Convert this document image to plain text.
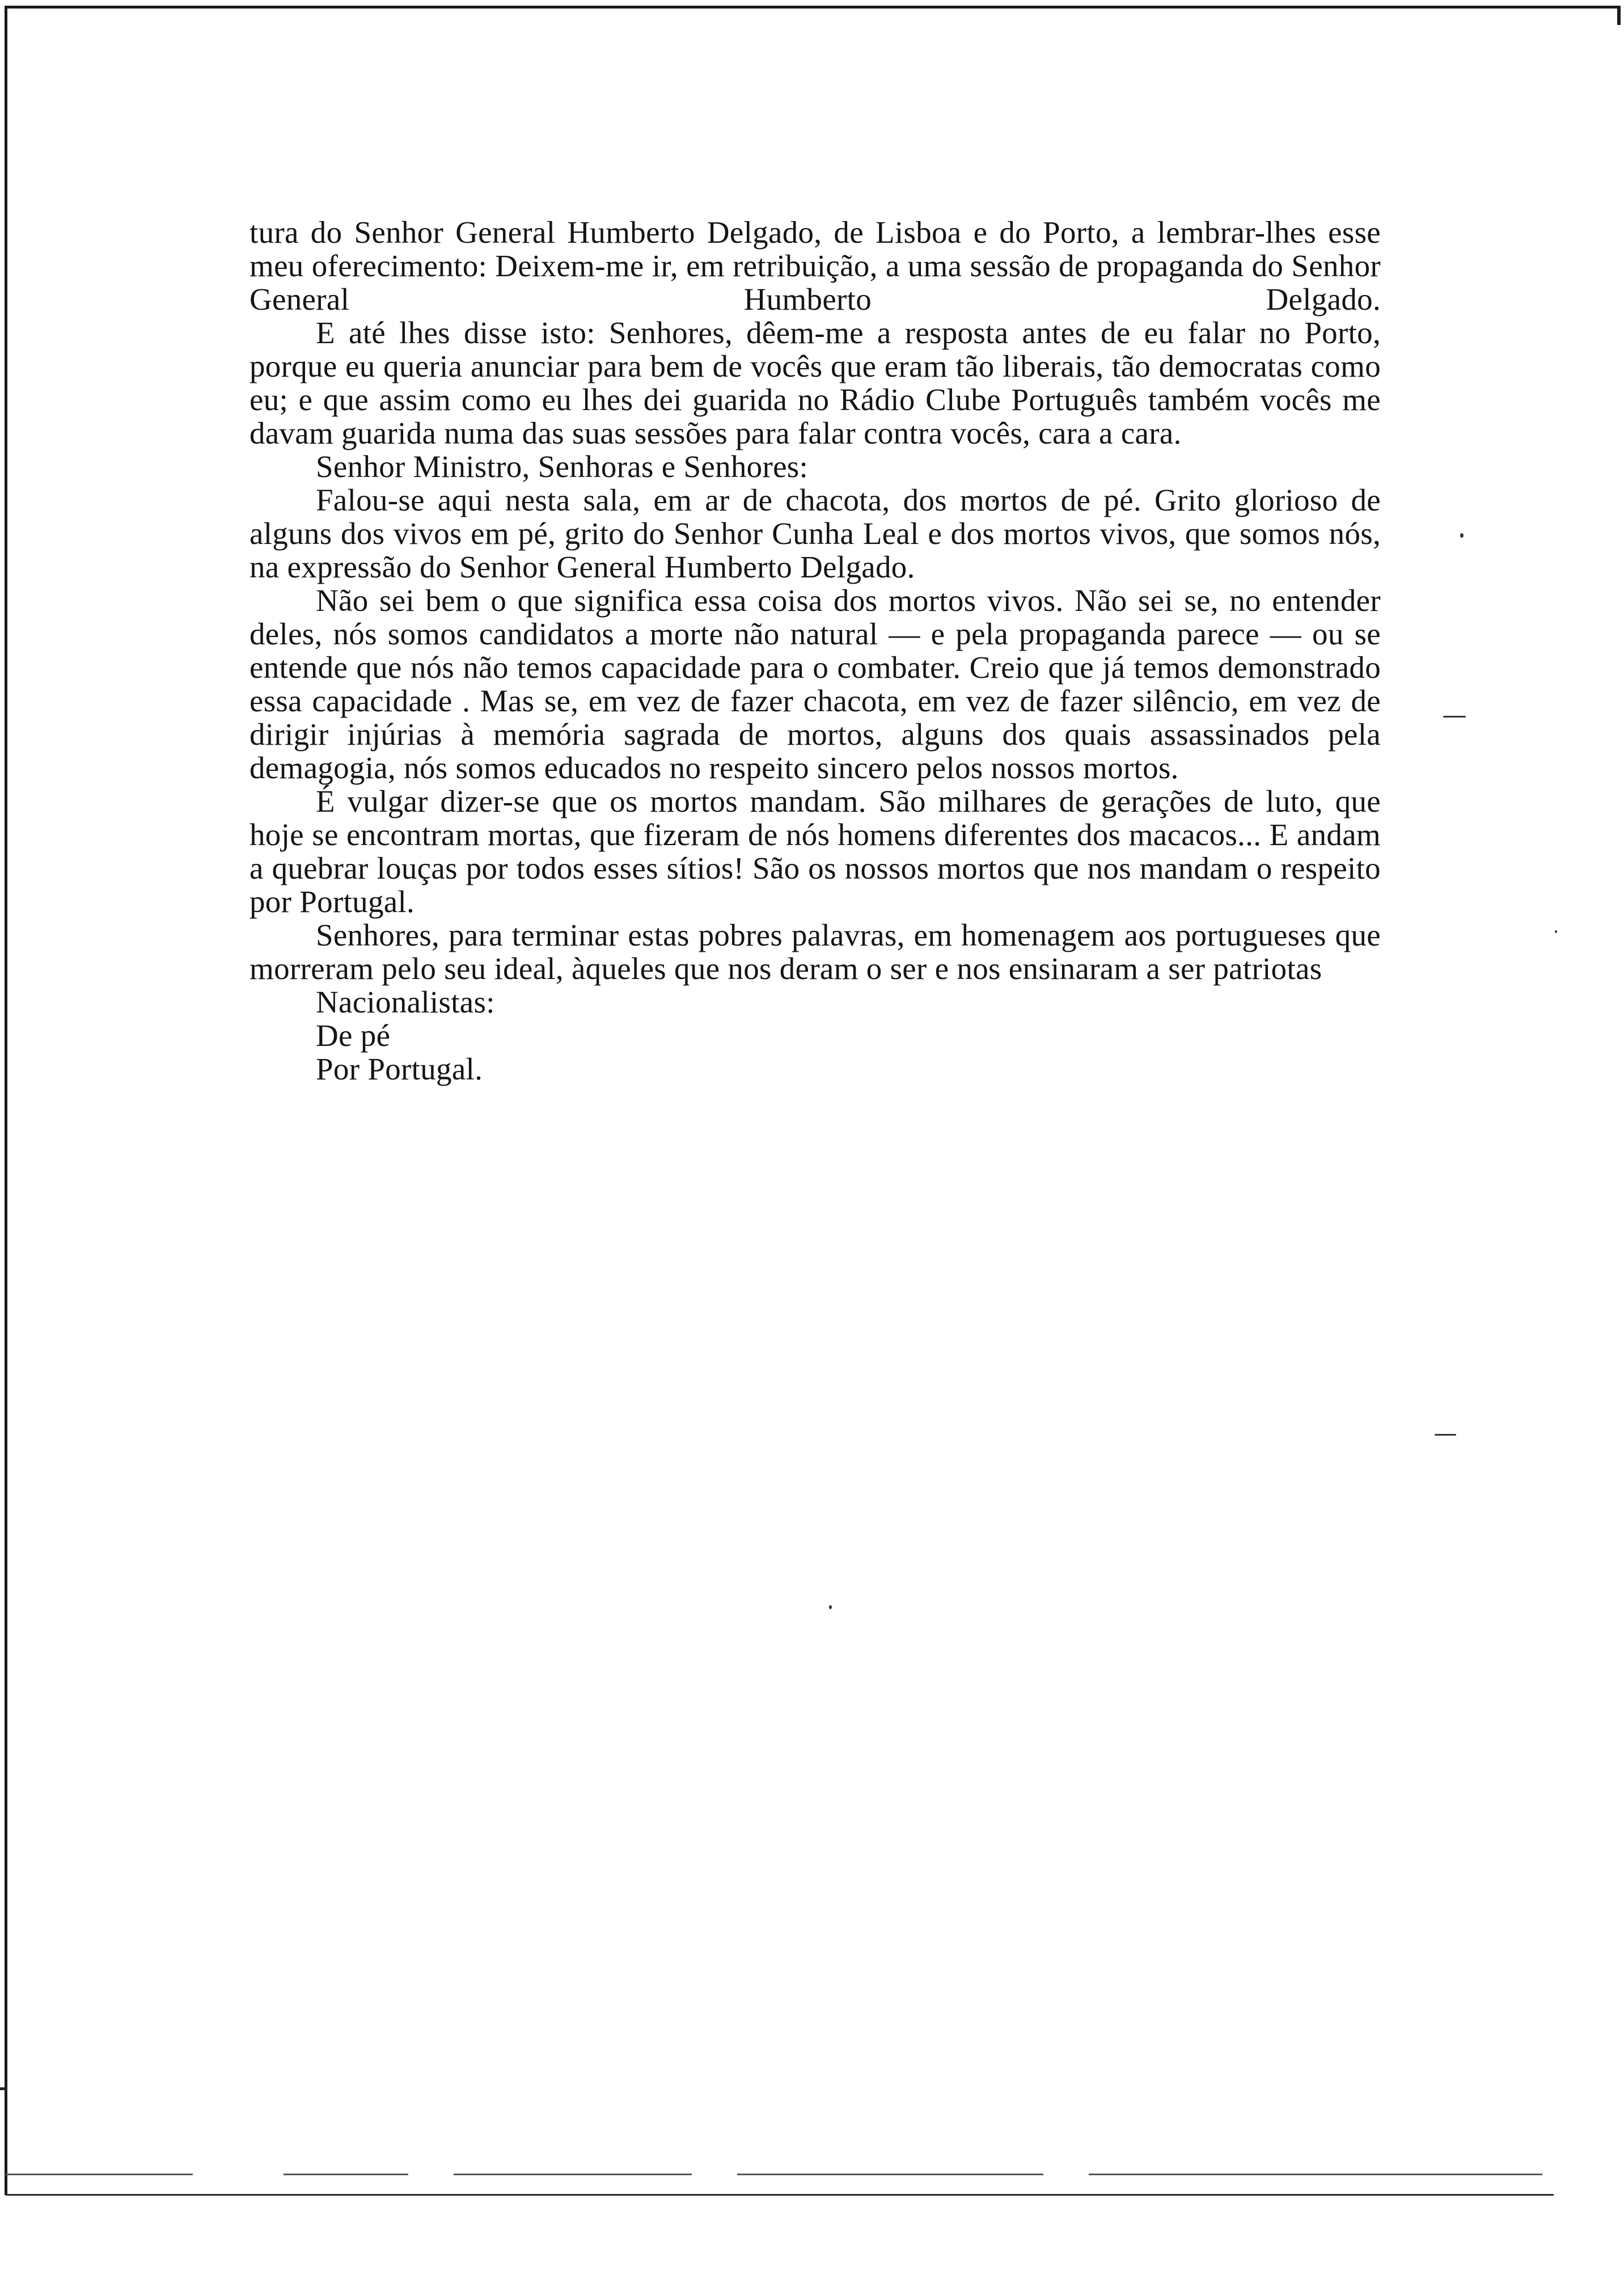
tura do Senhor General Humberto Delgado, de Lisboa e do Porto, a lembrar-lhes esse meu oferecimento: Deixem-me ir, em retribuição, a uma sessão de propaganda do Senhor General Humberto Delgado.

E até lhes disse isto: Senhores, dêem-me a resposta antes de eu falar no Porto, porque eu queria anunciar para bem de vocês que eram tão liberais, tão democratas como eu; e que assim como eu lhes dei guarida no Rádio Clube Português também vocês me davam guarida numa das suas sessões para falar contra vocês, cara a cara.

Senhor Ministro, Senhoras e Senhores:

Falou-se aqui nesta sala, em ar de chacota, dos mortos de pé. Grito glorioso de alguns dos vivos em pé, grito do Senhor Cunha Leal e dos mortos vivos, que somos nós, na expressão do Senhor General Humberto Delgado.

Não sei bem o que significa essa coisa dos mortos vivos. Não sei se, no entender deles, nós somos candidatos a morte não natural — e pela propaganda parece — ou se entende que nós não temos capacidade para o combater. Creio que já temos demonstrado essa capacidade . Mas se, em vez de fazer chacota, em vez de fazer silêncio, em vez de dirigir injúrias à memória sagrada de mortos, alguns dos quais assassinados pela demagogia, nós somos educados no respeito sincero pelos nossos mortos.

É vulgar dizer-se que os mortos mandam. São milhares de gerações de luto, que hoje se encontram mortas, que fizeram de nós homens diferentes dos macacos... E andam a quebrar louças por todos esses sítios! São os nossos mortos que nos mandam o respeito por Portugal.

Senhores, para terminar estas pobres palavras, em homenagem aos portugueses que morreram pelo seu ideal, àqueles que nos deram o ser e nos ensinaram a ser patriotas

Nacionalistas:

De pé

Por Portugal.
